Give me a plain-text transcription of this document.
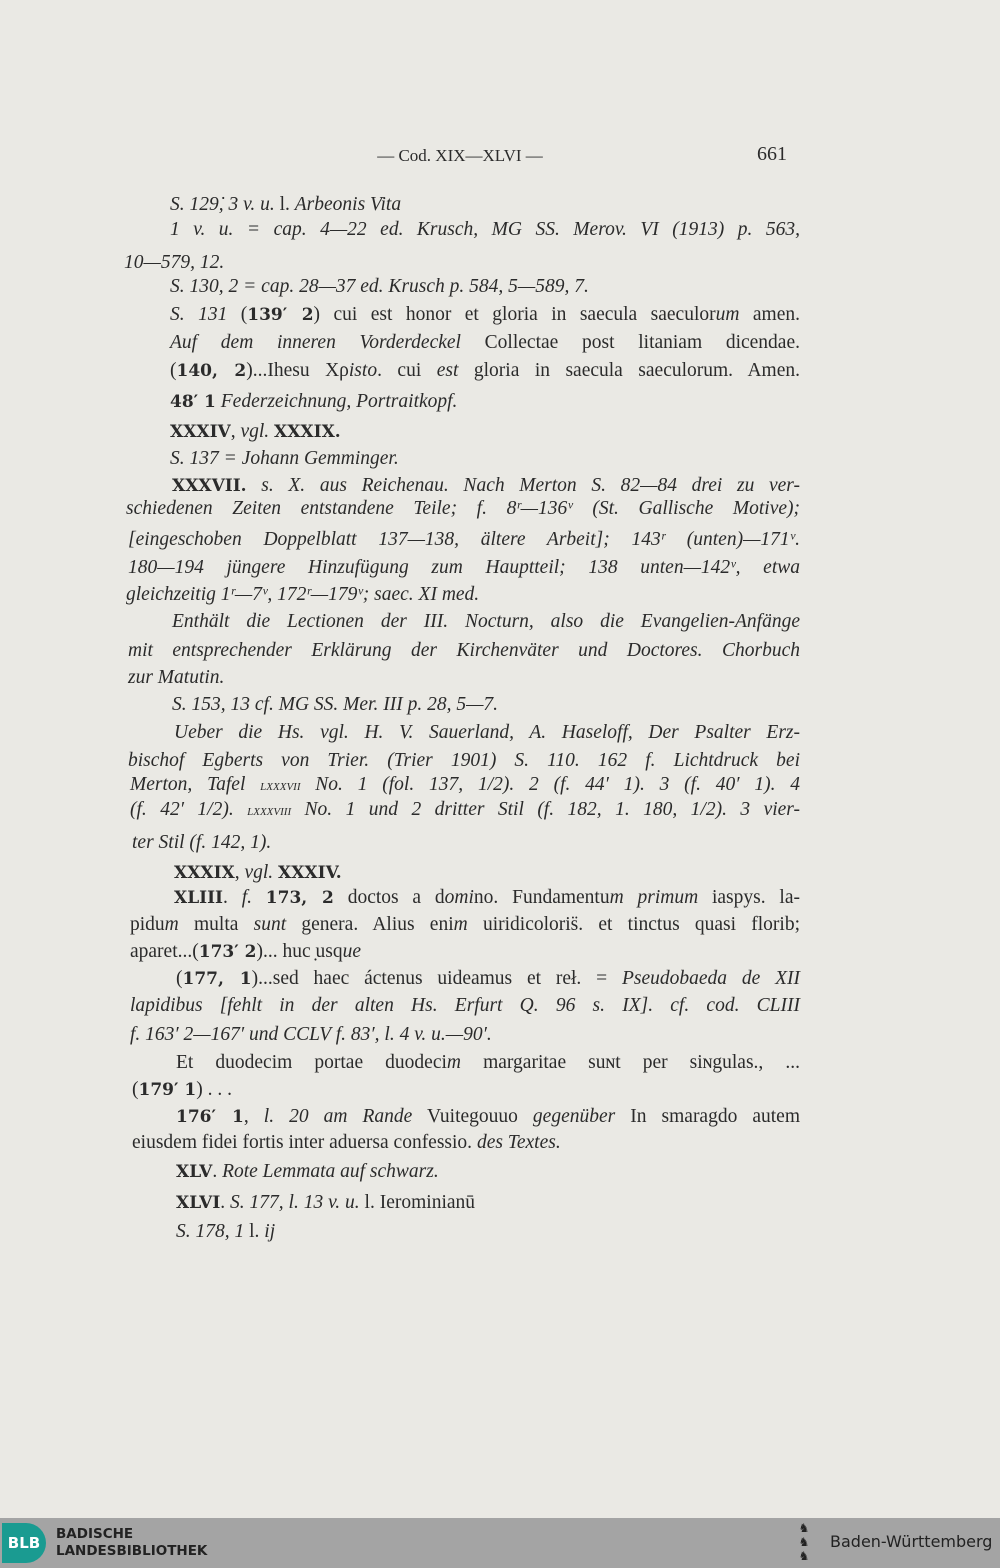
— Cod. XIX—XLVI —	661
S. 129̇, 3 v. u. l. Arbeonis Vita
1 v. u. = cap. 4—22 ed. Krusch, MG SS. Merov. VI (1913) p. 563,
10—579, 12.
S. 130, 2 = cap. 28—37 ed. Krusch p. 584, 5—589, 7.
S. 131 (139′ 2) cui est honor et gloria in saecula saeculorum amen.
Auf dem inneren Vorderdeckel Collectae post litaniam dicendae.
(140, 2)...Ihesu Xρisto. cui est gloria in saecula saeculorum. Amen.
48′ 1 Federzeichnung, Portraitkopf.
XXXIV, vgl. XXXIX.
S. 137 = Johann Gemminger.
XXXVII. s. X. aus Reichenau. Nach Merton S. 82—84 drei zu ver-
schiedenen Zeiten entstandene Teile; f. 8ʳ—136ᵛ (St. Gallische Motive);
[eingeschoben Doppelblatt 137—138, ältere Arbeit]; 143ʳ (unten)—171ᵛ.
180—194 jüngere Hinzufügung zum Hauptteil; 138 unten—142ᵛ, etwa
gleichzeitig 1ʳ—7ᵛ, 172ʳ—179ᵛ; saec. XI med.
Enthält die Lectionen der III. Nocturn, also die Evangelien-Anfänge
mit entsprechender Erklärung der Kirchenväter und Doctores. Chorbuch
zur Matutin.
S. 153, 13 cf. MG SS. Mer. III p. 28, 5—7.
Ueber die Hs. vgl. H. V. Sauerland, A. Haseloff, Der Psalter Erz-
bischof Egberts von Trier. (Trier 1901) S. 110. 162 f. Lichtdruck bei
Merton, Tafel lxxxvii No. 1 (fol. 137, 1/2). 2 (f. 44′ 1). 3 (f. 40′ 1). 4
(f. 42′ 1/2). lxxxviii No. 1 und 2 dritter Stil (f. 182, 1. 180, 1/2). 3 vier-
ter Stil (f. 142, 1).
XXXIX, vgl. XXXIV.
XLIII. f. 173, 2 doctos a domino. Fundamentum primum iaspys. la-
pidum multa sunt genera. Alius enim uiridicoloris̈. et tinctus quasi florib;
aparet...(173′ 2)... huc ̣usque
(177, 1)...sed haec áctenus uideamus et reł. = Pseudobaeda de XII
lapidibus [fehlt in der alten Hs. Erfurt Q. 96 s. IX]. cf. cod. CLIII
f. 163′ 2—167′ und CCLV f. 83′, l. 4 v. u.—90′.
Et duodecim portae duodecim margaritae suɴt per siɴgulas., ...
(179′ 1) . . .
176′ 1, l. 20 am Rande Vuitegouuo gegenüber In smaragdo autem
eiusdem fidei fortis inter aduersa confessio. des Textes.
XLV. Rote Lemmata auf schwarz.
XLVI. S. 177, l. 13 v. u. l. Ierominianū
S. 178, 1 l. ij
BLB	BADISCHE
LANDESBIBLIOTHEK
♞
♞
♞
Baden-Württemberg
